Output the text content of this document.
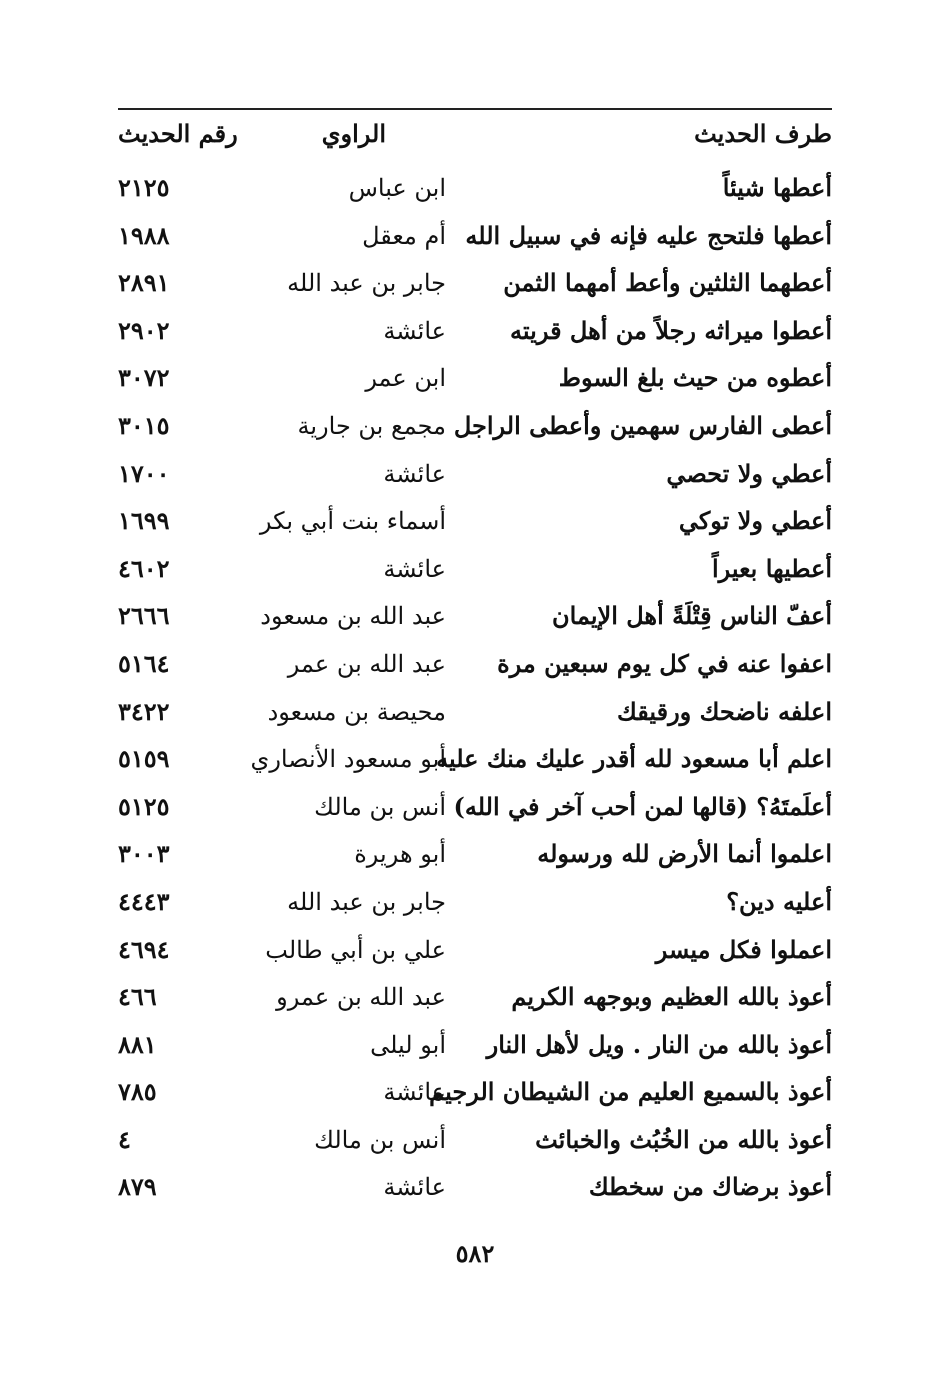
طرف الحديث
الراوي
رقم الحديث
أعطها شيئاً
ابن عباس
٢١٢٥
أعطها فلتحج عليه فإنه في سبيل الله
أم معقل
١٩٨٨
أعطهما الثلثين وأعط أمهما الثمن
جابر بن عبد الله
٢٨٩١
أعطوا ميراثه رجلاً من أهل قريته
عائشة
٢٩٠٢
أعطوه من حيث بلغ السوط
ابن عمر
٣٠٧٢
أعطى الفارس سهمين وأعطى الراجل
مجمع بن جارية
٣٠١٥
أعطي ولا تحصي
عائشة
١٧٠٠
أعطي ولا توكي
أسماء بنت أبي بكر
١٦٩٩
أعطيها بعيراً
عائشة
٤٦٠٢
أعفّ الناس قِتْلَةً أهل الإيمان
عبد الله بن مسعود
٢٦٦٦
اعفوا عنه في كل يوم سبعين مرة
عبد الله بن عمر
٥١٦٤
اعلفه ناضحك ورقيقك
محيصة بن مسعود
٣٤٢٢
اعلم أبا مسعود لله أقدر عليك منك عليه
أبو مسعود الأنصاري
٥١٥٩
أعلَمتَهُ؟ (قالها لمن أحب آخر في الله)
أنس بن مالك
٥١٢٥
اعلموا أنما الأرض لله ورسوله
أبو هريرة
٣٠٠٣
أعليه دين؟
جابر بن عبد الله
٤٤٤٣
اعملوا فكل ميسر
علي بن أبي طالب
٤٦٩٤
أعوذ بالله العظيم وبوجهه الكريم
عبد الله بن عمرو
٤٦٦
أعوذ بالله من النار . ويل لأهل النار
أبو ليلى
٨٨١
أعوذ بالسميع العليم من الشيطان الرجيم
عائشة
٧٨٥
أعوذ بالله من الخُبُث والخبائث
أنس بن مالك
٤
أعوذ برضاك من سخطك
عائشة
٨٧٩
٥٨٢
